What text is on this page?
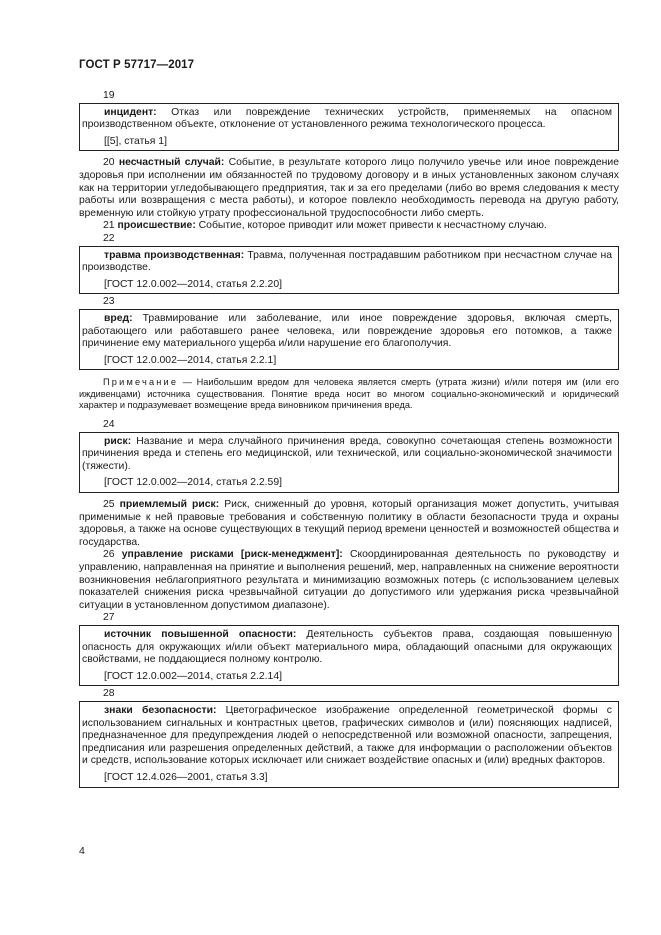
ГОСТ Р 57717—2017
19

инцидент: Отказ или повреждение технических устройств, применяемых на опасном производственном объекте, отклонение от установленного режима технологического процесса.

[[5], статья 1]

20 несчастный случай: Событие, в результате которого лицо получило увечье или иное повреждение здоровья при исполнении им обязанностей по трудовому договору и в иных установленных законом случаях как на территории угледобывающего предприятия, так и за его пределами (либо во время следования к месту работы или возвращения с места работы), и которое повлекло необходимость перевода на другую работу, временную или стойкую утрату профессиональной трудоспособности либо смерть.

21 происшествие: Событие, которое приводит или может привести к несчастному случаю.

22

травма производственная: Травма, полученная пострадавшим работником при несчастном случае на производстве.

[ГОСТ 12.0.002—2014, статья 2.2.20]
23

вред: Травмирование или заболевание, или иное повреждение здоровья, включая смерть, работающего или работавшего ранее человека, или повреждение здоровья его потомков, а также причинение ему материального ущерба и/или нарушение его благополучия.

[ГОСТ 12.0.002—2014, статья 2.2.1]

Примечание — Наибольшим вредом для человека является смерть (утрата жизни) и/или потеря им (или его иждивенцами) источника существования. Понятие вреда носит во многом социально-экономический и юридический характер и подразумевает возмещение вреда виновником причинения вреда.

24

риск: Название и мера случайного причинения вреда, совокупно сочетающая степень возможности причинения вреда и степень его медицинской, или технической, или социально-экономической значимости (тяжести).

[ГОСТ 12.0.002—2014, статья 2.2.59]

25 приемлемый риск: Риск, сниженный до уровня, который организация может допустить, учитывая применимые к ней правовые требования и собственную политику в области безопасности труда и охраны здоровья, а также на основе существующих в текущий период времени ценностей и возможностей общества и государства.

26 управление рисками [риск-менеджмент]: Скоординированная деятельность по руководству и управлению, направленная на принятие и выполнения решений, мер, направленных на снижение вероятности возникновения неблагоприятного результата и минимизацию возможных потерь (с использованием целевых показателей снижения риска чрезвычайной ситуации до допустимого или удержания риска чрезвычайной ситуации в установленном допустимом диапазоне).

27

источник повышенной опасности: Деятельность субъектов права, создающая повышенную опасность для окружающих и/или объект материального мира, обладающий опасными для окружающих свойствами, не поддающиеся полному контролю.

[ГОСТ 12.0.002—2014, статья 2.2.14]
28

знаки безопасности: Цветографическое изображение определенной геометрической формы с использованием сигнальных и контрастных цветов, графических символов и (или) поясняющих надписей, предназначенное для предупреждения людей о непосредственной или возможной опасности, запрещения, предписания или разрешения определенных действий, а также для информации о расположении объектов и средств, использование которых исключает или снижает воздействие опасных и (или) вредных факторов.

[ГОСТ 12.4.026—2001, статья 3.3]
4
